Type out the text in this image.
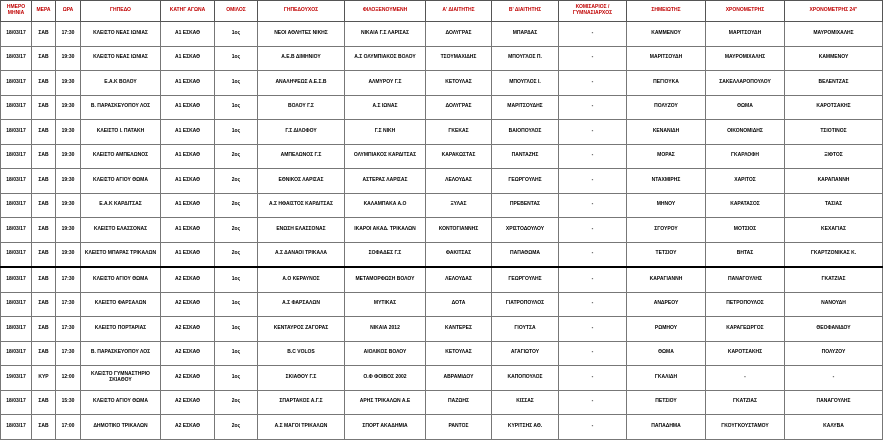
ΗΜΕΡΟ ΜΗΝΙΑ	ΜΕΡΑ	ΩΡΑ	ΓΗΠΕΔΟ	ΚΑΤΗΓ ΑΓΩΝΑ	ΟΜΙΛΟΣ	ΓΗΠΕΔΟΥΧΟΣ	ΦΙΛΟΞΕΝΟΥΜΕΝΗ	Α' ΔΙΑΙΤΗΤΗΣ	Β' ΔΙΑΙΤΗΤΗΣ	ΚΟΜΙΣΑΡΙΟΣ / ΓΥΜΝΑΣΙΑΡΧΟΣ	ΣΗΜΕΙΩΤΗΣ	ΧΡΟΝΟΜΕΤΡΗΣ	ΧΡΟΝΟΜΕΤΡΗΣ 24"
18/03/17	ΣΑΒ	17:30	ΚΛΕΙΣΤΟ ΝΕΑΣ ΙΩΝΙΑΣ	Α1 ΕΣΚΑΘ	1ος	ΝΕΟΙ ΑΘΛΗΤΕΣ ΝΙΚΗΣ	ΝΙΚΑΙΑ Γ.Σ ΛΑΡΙΣΑΣ	ΔΟΛΥΓΡΑΣ	ΜΠΑΡΔΑΣ	-	ΚΑΜΜΕΝΟΥ	ΜΑΡΙΤΣΟΥΔΗ	ΜΑΥΡΟΜΙΧΑΛΗΣ
18/03/17	ΣΑΒ	19:30	ΚΛΕΙΣΤΟ ΝΕΑΣ ΙΩΝΙΑΣ	Α1 ΕΣΚΑΘ	1ος	Α.Ε.Β ΔΙΜΗΝΙΟΥ	Α.Σ ΟΛΥΜΠΙΑΚΟΣ ΒΟΛΟΥ	ΤΣΟΥΜΑΧΙΔΗΣ	ΜΠΟΥΓΛΟΣ Π.	-	ΜΑΡΙΤΣΟΥΔΗ	ΜΑΥΡΟΜΙΧΑΛΗΣ	ΚΑΜΜΕΝΟΥ
18/03/17	ΣΑΒ	19:30	Ε.Α.Κ ΒΟΛΟΥ	Α1 ΕΣΚΑΘ	1ος	ΑΝΑΛΗΨΕΩΣ Α.Ε.Σ.Β	ΑΛΜΥΡΟΥ Γ.Σ	ΚΕΤΟΥΛΑΣ	ΜΠΟΥΓΛΟΣ Ι.	-	ΠΕΓΙΟΥΚΑ	ΣΑΚΕΛΛΑΡΟΠΟΥΛΟΥ	ΒΕΛΕΝΤΖΑΣ
18/03/17	ΣΑΒ	19:30	Β. ΠΑΡΑΣΚΕΥΟΠΟΥ ΛΟΣ	Α1 ΕΣΚΑΘ	1ος	ΒΟΛΟΥ Γ.Σ	Α.Σ ΙΩΝΑΣ	ΔΟΛΥΓΡΑΣ	ΜΑΡΙΤΣΟΥΔΗΣ	-	ΠΟΛΥΖΟΥ	ΘΩΜΑ	ΚΑΡΟΤΣΑΚΗΣ
18/03/17	ΣΑΒ	19:30	ΚΛΕΙΣΤΟ Ι. ΠΑΤΑΚΗ	Α1 ΕΣΚΑΘ	1ος	Γ.Σ ΔΙΛΟΦΟΥ	Γ.Σ ΝΙΚΗ	ΓΚΕΚΑΣ	ΒΑΙΟΠΟΥΛΟΣ	-	ΚΕΝΑΝΙΔΗ	ΟΙΚΟΝΟΜΙΔΗΣ	ΤΣΙΟΤΙΝΟΣ
18/03/17	ΣΑΒ	19:30	ΚΛΕΙΣΤΟ ΑΜΠΕΛΩΝΟΣ	Α1 ΕΣΚΑΘ	2ος	ΑΜΠΕΛΩΝΟΣ Γ.Σ	ΟΛΥΜΠΙΑΚΟΣ ΚΑΡΔΙΤΣΑΣ	ΚΑΡΑΚΩΣΤΑΣ	ΠΑΝΤΑΖΗΣ	-	ΜΟΡΑΣ	ΓΚΑΡΛΟΦΗ	ΞΙΦΤΟΣ
18/03/17	ΣΑΒ	19:30	ΚΛΕΙΣΤΟ ΑΓΙΟΥ ΘΩΜΑ	Α1 ΕΣΚΑΘ	2ος	ΕΘΝΙΚΟΣ ΛΑΡΙΣΑΣ	ΑΣΤΕΡΑΣ ΛΑΡΙΣΑΣ	ΛΕΛΟΥΔΑΣ	ΓΕΩΡΓΟΥΛΗΣ	-	ΝΤΑΧΜΙΡΗΣ	ΧΑΡΙΤΟΣ	ΚΑΡΑΠΑΝΝΗ
18/03/17	ΣΑΒ	19:30	Ε.Α.Κ ΚΑΡΔΙΤΣΑΣ	Α1 ΕΣΚΑΘ	2ος	Α.Σ ΗΦΑΙΣΤΟΣ ΚΑΡΔΙΤΣΑΣ	ΚΑΛΑΜΠΑΚΑ Α.Ο	ΞΥΛΑΣ	ΠΡΕΒΕΝΤΑΣ	-	ΜΗΝΟΥ	ΚΑΡΑΤΑΣΟΣ	ΤΑΣΙΑΣ
18/03/17	ΣΑΒ	19:30	ΚΛΕΙΣΤΟ ΕΛΑΣΣΟΝΑΣ	Α1 ΕΣΚΑΘ	2ος	ΕΝΩΣΗ ΕΛΑΣΣΟΝΑΣ	ΙΚΑΡΟΙ ΑΚΑΔ. ΤΡΙΚΑΛΩΝ	ΚΟΝΤΟΓΙΑΝΝΗΣ	ΧΡΙΣΤΟΔΟΥΛΟΥ	-	ΣΓΟΥΡΟΥ	ΜΟΤΣΙΟΣ	ΚΕΧΑΓΙΑΣ
18/03/17	ΣΑΒ	19:30	ΚΛΕΙΣΤΟ ΜΠΑΡΑΣ ΤΡΙΚΑΛΩΝ	Α1 ΕΣΚΑΘ	2ος	Α.Σ ΔΑΝΑΟΙ ΤΡΙΚΑΛΑ	ΣΟΦΑΔΕΣ Γ.Σ	ΦΑΚΙΤΣΑΣ	ΠΑΠΑΘΩΜΑ	-	ΤΕΤΣΙΟΥ	ΒΗΤΑΣ	ΓΚΑΡΤΖΟΝΙΚΑΣ Κ.
18/03/17	ΣΑΒ	17:30	ΚΛΕΙΣΤΟ ΑΓΙΟΥ ΘΩΜΑ	Α2 ΕΣΚΑΘ	1ος	Α.Ο ΚΕΡΑΥΝΟΣ	ΜΕΤΑΜΟΡΦΩΣΗ ΒΟΛΟΥ	ΛΕΛΟΥΔΑΣ	ΓΕΩΡΓΟΥΛΗΣ	-	ΚΑΡΑΓΙΑΝΝΗ	ΠΑΝΑΓΟΥΛΗΣ	ΓΚΑΤΖΙΑΣ
18/03/17	ΣΑΒ	17:30	ΚΛΕΙΣΤΟ ΦΑΡΣΑΛΩΝ	Α2 ΕΣΚΑΘ	1ος	Α.Σ ΦΑΡΣΑΛΩΝ	ΜΥΤΙΚΑΣ	ΔΟΤΑ	ΓΙΑΤΡΟΠΟΥΛΟΣ	-	ΑΝΔΡΕΟΥ	ΠΕΤΡΟΠΟΥΛΟΣ	ΝΑΝΟΥΔΗ
18/03/17	ΣΑΒ	17:30	ΚΛΕΙΣΤΟ ΠΟΡΤΑΡΙΑΣ	Α2 ΕΣΚΑΘ	1ος	ΚΕΝΤΑΥΡΟΣ ΖΑΓΟΡΑΣ	ΝΙΚΑΙΑ 2012	ΚΑΝΤΕΡΕΣ	ΓΙΟΥΤΣΑ	-	ΡΩΜΗΟΥ	ΚΑΡΑΓΕΩΡΓΟΣ	ΘΕΟΦΑΝΙΔΟΥ
18/03/17	ΣΑΒ	17:30	Β. ΠΑΡΑΣΚΕΥΟΠΟΥ ΛΟΣ	Α2 ΕΣΚΑΘ	1ος	Β.C VOLOS	ΑΙΟΛΙΚΟΣ ΒΟΛΟΥ	ΚΕΤΟΥΛΑΣ	ΑΓΑΓΙΩΤΟΥ	-	ΘΩΜΑ	ΚΑΡΟΤΣΑΚΗΣ	ΠΟΛΥΖΟΥ
19/03/17	ΚΥΡ	12:00	ΚΛΕΙΣΤΟ ΓΥΜΝΑΣΤΗΡΙΟ ΣΚΙΑΘΟΥ	Α2 ΕΣΚΑΘ	1ος	ΣΚΙΑΘΟΥ Γ.Σ	Ο.Φ ΦΟΙΒΟΣ 2002	ΑΒΡΑΜΙΔΟΥ	ΚΑΠΟΠΟΥΛΟΣ	-	ΓΚΑΛΙΔΗ	-	-
18/03/17	ΣΑΒ	15:30	ΚΛΕΙΣΤΟ ΑΓΙΟΥ ΘΩΜΑ	Α2 ΕΣΚΑΘ	2ος	ΣΠΑΡΤΑΚΟΣ Α.Γ.Σ	ΑΡΗΣ ΤΡΙΚΑΛΩΝ Α.Ε	ΠΑΖΩΗΣ	ΚΙΣΣΑΣ	-	ΠΕΤΣΙΟΥ	ΓΚΑΤΖΙΑΣ	ΠΑΝΑΓΟΥΛΗΣ
18/03/17	ΣΑΒ	17:00	ΔΗΜΟΤΙΚΟ ΤΡΙΚΑΛΩΝ	Α2 ΕΣΚΑΘ	2ος	Α.Σ ΜΑΓΟΙ ΤΡΙΚΑΛΩΝ	ΣΠΟΡΤ ΑΚΑΔΗΜΙΑ	ΡΑΝΤΟΣ	ΚΥΡΙΤΣΗΣ ΑΘ.	-	ΠΑΠΑΔΗΜΑ	ΓΚΟΥΓΚΟΥΣΤΑΜΟΥ	ΚΑΛΥΒΑ
